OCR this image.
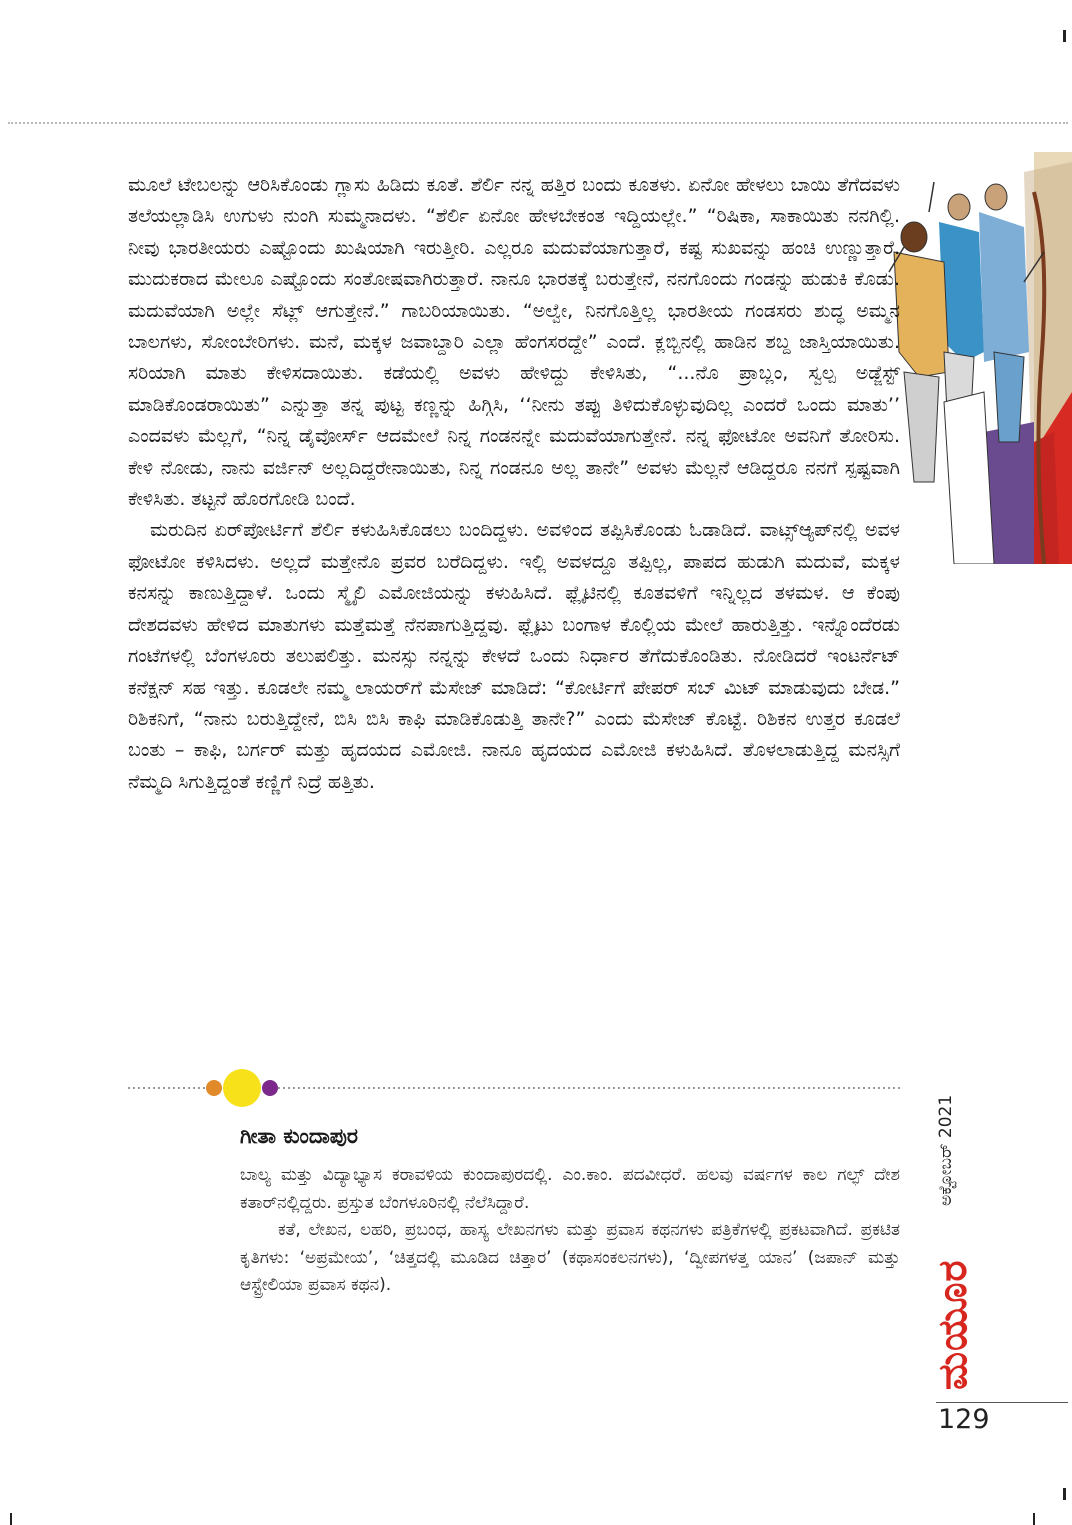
ಮೂಲೆ ಟೇಬಲನ್ನು ಆರಿಸಿಕೊಂಡು ಗ್ಲಾಸು ಹಿಡಿದು ಕೂತೆ. ಶೆರ್ಲಿ ನನ್ನ ಹತ್ತಿರ ಬಂದು ಕೂತಳು. ಏನೋ ಹೇಳಲು ಬಾಯಿ ತೆಗೆದವಳು ತಲೆಯಲ್ಲಾಡಿಸಿ ಉಗುಳು ನುಂಗಿ ಸುಮ್ಮನಾದಳು. “ಶೆರ್ಲಿ ಏನೋ ಹೇಳಬೇಕಂತ ಇದ್ದಿಯಲ್ಲೇ.” “ರಿಷಿಕಾ, ಸಾಕಾಯಿತು ನನಗಿಲ್ಲಿ. ನೀವು ಭಾರತೀಯರು ಎಷ್ಟೊಂದು ಖುಷಿಯಾಗಿ ಇರುತ್ತೀರಿ. ಎಲ್ಲರೂ ಮದುವೆಯಾಗುತ್ತಾರೆ, ಕಷ್ಟ ಸುಖವನ್ನು ಹಂಚಿ ಉಣ್ಣುತ್ತಾರೆ. ಮುದುಕರಾದ ಮೇಲೂ ಎಷ್ಟೊಂದು ಸಂತೋಷವಾಗಿರುತ್ತಾರೆ. ನಾನೂ ಭಾರತಕ್ಕೆ ಬರುತ್ತೇನೆ, ನನಗೊಂದು ಗಂಡನ್ನು ಹುಡುಕಿ ಕೊಡು. ಮದುವೆಯಾಗಿ ಅಲ್ಲೇ ಸೆಟ್ಲ್ ಆಗುತ್ತೇನೆ.” ಗಾಬರಿಯಾಯಿತು. “ಅಲ್ವೇ, ನಿನಗೊತ್ತಿಲ್ಲ ಭಾರತೀಯ ಗಂಡಸರು ಶುದ್ಧ ಅಮ್ಮನ ಬಾಲಗಳು, ಸೋಂಬೇರಿಗಳು. ಮನೆ, ಮಕ್ಕಳ ಜವಾಬ್ದಾರಿ ಎಲ್ಲಾ ಹೆಂಗಸರದ್ದೇ” ಎಂದೆ. ಕ್ಲಬ್ಬಿನಲ್ಲಿ ಹಾಡಿನ ಶಬ್ದ ಜಾಸ್ತಿಯಾಯಿತು. ಸರಿಯಾಗಿ ಮಾತು ಕೇಳಿಸದಾಯಿತು. ಕಡೆಯಲ್ಲಿ ಅವಳು ಹೇಳಿದ್ದು ಕೇಳಿಸಿತು, “...ನೊ ಪ್ರಾಬ್ಲಂ, ಸ್ವಲ್ಪ ಅಡ್ಜೆಸ್ಟ್ ಮಾಡಿಕೊಂಡರಾಯಿತು” ಎನ್ನುತ್ತಾ ತನ್ನ ಪುಟ್ಟ ಕಣ್ಣನ್ನು ಹಿಗ್ಗಿಸಿ, ‘‘ನೀನು ತಪ್ಪು ತಿಳಿದುಕೊಳ್ಳುವುದಿಲ್ಲ ಎಂದರೆ ಒಂದು ಮಾತು’’ ಎಂದವಳು ಮೆಲ್ಲಗೆ, “ನಿನ್ನ ಡೈವೋರ್ಸ್ ಆದಮೇಲೆ ನಿನ್ನ ಗಂಡನನ್ನೇ ಮದುವೆಯಾಗುತ್ತೇನೆ. ನನ್ನ ಫೋಟೋ ಅವನಿಗೆ ತೋರಿಸು. ಕೇಳಿ ನೋಡು, ನಾನು ವರ್ಜಿನ್ ಅಲ್ಲದಿದ್ದರೇನಾಯಿತು, ನಿನ್ನ ಗಂಡನೂ ಅಲ್ಲ ತಾನೇ” ಅವಳು ಮೆಲ್ಲನೆ ಆಡಿದ್ದರೂ ನನಗೆ ಸ್ಪಷ್ಟವಾಗಿ ಕೇಳಿಸಿತು. ತಟ್ಟನೆ ಹೊರಗೋಡಿ ಬಂದೆ.

ಮರುದಿನ ಏರ್‌ಪೋರ್ಟಿಗೆ ಶೆರ್ಲಿ ಕಳುಹಿಸಿಕೊಡಲು ಬಂದಿದ್ದಳು. ಅವಳಿಂದ ತಪ್ಪಿಸಿಕೊಂಡು ಓಡಾಡಿದೆ. ವಾಟ್ಸ್‌ಆ್ಯಪ್‌ನಲ್ಲಿ ಅವಳ ಫೋಟೋ ಕಳಿಸಿದಳು. ಅಲ್ಲದೆ ಮತ್ತೇನೊ ಪ್ರವರ ಬರೆದಿದ್ದಳು. ಇಲ್ಲಿ ಅವಳದ್ದೂ ತಪ್ಪಿಲ್ಲ, ಪಾಪದ ಹುಡುಗಿ ಮದುವೆ, ಮಕ್ಕಳ ಕನಸನ್ನು ಕಾಣುತ್ತಿದ್ದಾಳೆ. ಒಂದು ಸ್ಮೈಲಿ ಎಮೋಜಿಯನ್ನು ಕಳುಹಿಸಿದೆ. ಫ್ಲೈಟಿನಲ್ಲಿ ಕೂತವಳಿಗೆ ಇನ್ನಿಲ್ಲದ ತಳಮಳ. ಆ ಕೆಂಪು ದೇಶದವಳು ಹೇಳಿದ ಮಾತುಗಳು ಮತ್ತೆಮತ್ತೆ ನೆನಪಾಗುತ್ತಿದ್ದವು. ಫ್ಲೈಟು ಬಂಗಾಳ ಕೊಲ್ಲಿಯ ಮೇಲೆ ಹಾರುತ್ತಿತ್ತು. ಇನ್ನೊಂದೆರಡು ಗಂಟೆಗಳಲ್ಲಿ ಬೆಂಗಳೂರು ತಲುಪಲಿತ್ತು. ಮನಸ್ಸು ನನ್ನನ್ನು ಕೇಳದೆ ಒಂದು ನಿರ್ಧಾರ ತೆಗೆದುಕೊಂಡಿತು. ನೋಡಿದರೆ ಇಂಟರ್ನೆಟ್ ಕನೆಕ್ಷನ್ ಸಹ ಇತ್ತು. ಕೂಡಲೇ ನಮ್ಮ ಲಾಯರ್‌ಗೆ ಮೆಸೇಜ್ ಮಾಡಿದೆ: “ಕೋರ್ಟಿಗೆ ಪೇಪರ್ ಸಬ್ ಮಿಟ್ ಮಾಡುವುದು ಬೇಡ.” ರಿಶಿಕನಿಗೆ, “ನಾನು ಬರುತ್ತಿದ್ದೇನೆ, ಬಿಸಿ ಬಿಸಿ ಕಾಫಿ ಮಾಡಿಕೊಡುತ್ತಿ ತಾನೇ?” ಎಂದು ಮೆಸೇಜ್ ಕೊಟ್ಟೆ. ರಿಶಿಕನ ಉತ್ತರ ಕೂಡಲೆ ಬಂತು – ಕಾಫಿ, ಬರ್ಗರ್ ಮತ್ತು ಹೃದಯದ ಎಮೋಜಿ. ನಾನೂ ಹೃದಯದ ಎಮೋಜಿ ಕಳುಹಿಸಿದೆ. ತೊಳಲಾಡುತ್ತಿದ್ದ ಮನಸ್ಸಿಗೆ ನೆಮ್ಮದಿ ಸಿಗುತ್ತಿದ್ದಂತೆ ಕಣ್ಣಿಗೆ ನಿದ್ರೆ ಹತ್ತಿತು.

ಗೀತಾ ಕುಂದಾಪುರ

ಬಾಲ್ಯ ಮತ್ತು ವಿದ್ಯಾಭ್ಯಾಸ ಕರಾವಳಿಯ ಕುಂದಾಪುರದಲ್ಲಿ. ಎಂ.ಕಾಂ. ಪದವೀಧರೆ. ಹಲವು ವರ್ಷಗಳ ಕಾಲ ಗಲ್ಫ್ ದೇಶ ಕತಾರ್‌ನಲ್ಲಿದ್ದರು. ಪ್ರಸ್ತುತ ಬೆಂಗಳೂರಿನಲ್ಲಿ ನೆಲೆಸಿದ್ದಾರೆ.

ಕತೆ, ಲೇಖನ, ಲಹರಿ, ಪ್ರಬಂಧ, ಹಾಸ್ಯ ಲೇಖನಗಳು ಮತ್ತು ಪ್ರವಾಸ ಕಥನಗಳು ಪತ್ರಿಕೆಗಳಲ್ಲಿ ಪ್ರಕಟವಾಗಿದೆ. ಪ್ರಕಟಿತ ಕೃತಿಗಳು: ‘ಅಪ್ರಮೇಯ’, ‘ಚಿತ್ತದಲ್ಲಿ ಮೂಡಿದ ಚಿತ್ತಾರ’ (ಕಥಾಸಂಕಲನಗಳು), ‘ದ್ವೀಪಗಳತ್ತ ಯಾನ’ (ಜಪಾನ್ ಮತ್ತು ಆಸ್ಟ್ರೇಲಿಯಾ ಪ್ರವಾಸ ಕಥನ).

ಅಕ್ಟೋಬರ್ 2021
ಮಯೂರ
129
